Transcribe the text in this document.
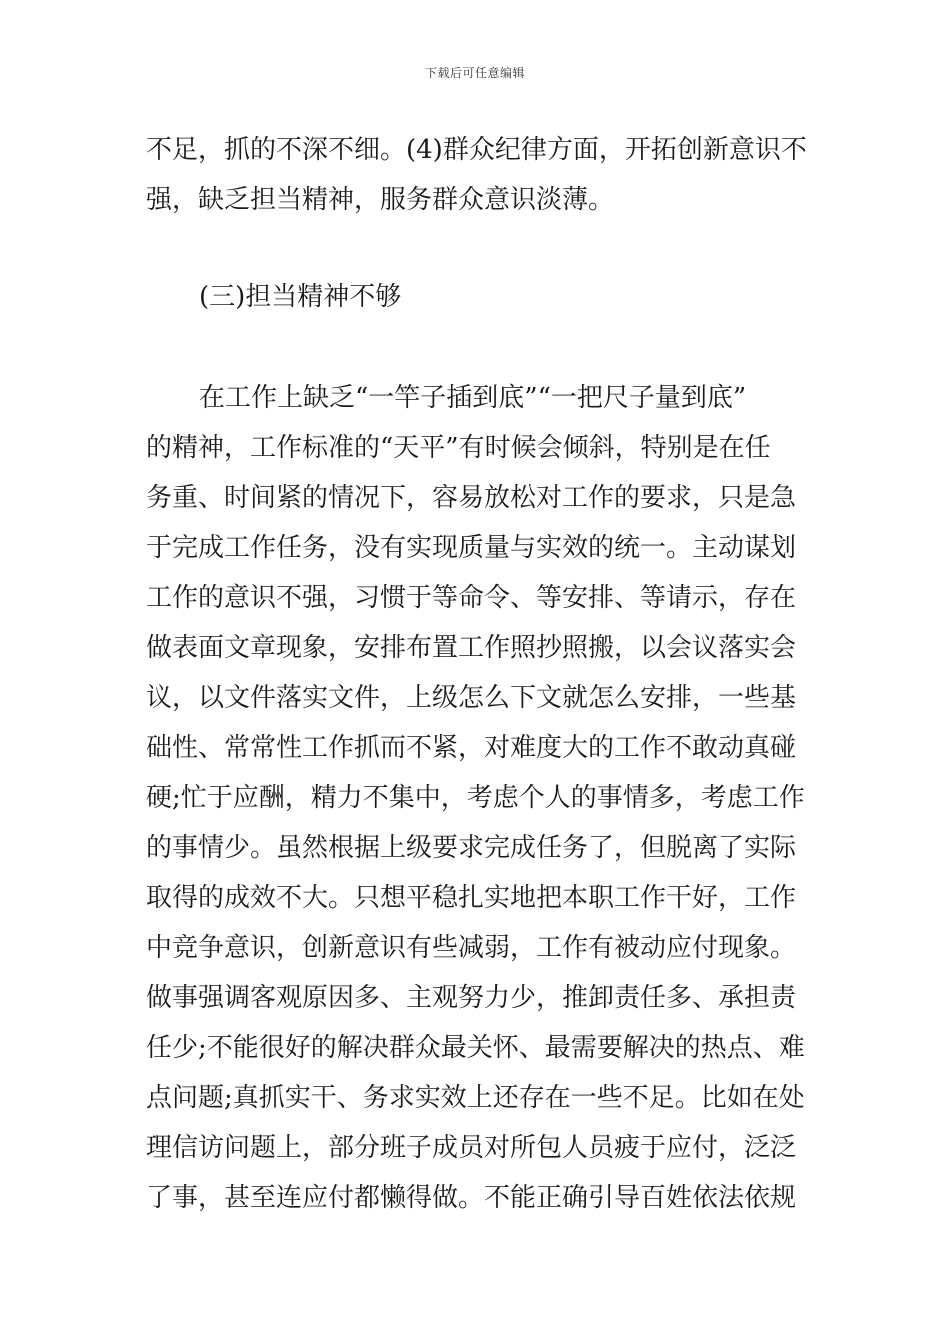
下载后可任意编辑
不足，抓的不深不细。(4)群众纪律方面，开拓创新意识不
强，缺乏担当精神，服务群众意识淡薄。
(三)担当精神不够
在工作上缺乏“一竿子插到底”“一把尺子量到底”
的精神，工作标准的“天平”有时候会倾斜，特别是在任
务重、时间紧的情况下，容易放松对工作的要求，只是急
于完成工作任务，没有实现质量与实效的统一。主动谋划
工作的意识不强，习惯于等命令、等安排、等请示，存在
做表面文章现象，安排布置工作照抄照搬，以会议落实会
议，以文件落实文件，上级怎么下文就怎么安排，一些基
础性、常常性工作抓而不紧，对难度大的工作不敢动真碰
硬;忙于应酬，精力不集中，考虑个人的事情多，考虑工作
的事情少。虽然根据上级要求完成任务了，但脱离了实际
取得的成效不大。只想平稳扎实地把本职工作干好，工作
中竞争意识，创新意识有些减弱，工作有被动应付现象。
做事强调客观原因多、主观努力少，推卸责任多、承担责
任少;不能很好的解决群众最关怀、最需要解决的热点、难
点问题;真抓实干、务求实效上还存在一些不足。比如在处
理信访问题上，部分班子成员对所包人员疲于应付，泛泛
了事，甚至连应付都懒得做。不能正确引导百姓依法依规
